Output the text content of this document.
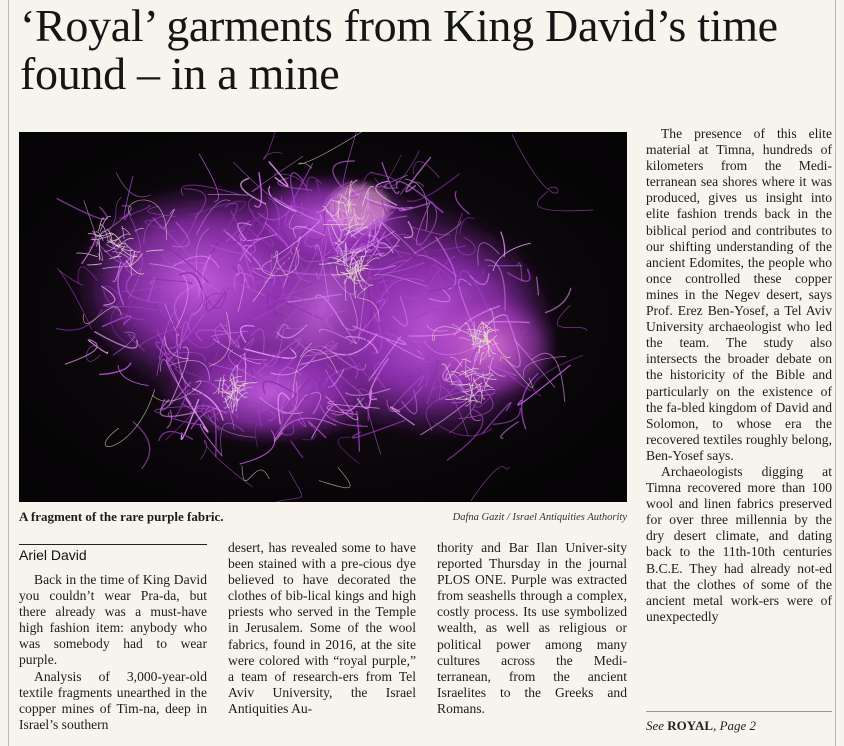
‘Royal’ garments from King David’s time found – in a mine
A fragment of the rare purple fabric.	Dafna Gazit / Israel Antiquities Authority
Ariel David

Back in the time of King David you couldn’t wear Pra-da, but there already was a must-have high fashion item: anybody who was somebody had to wear purple.

Analysis of 3,000-year-old textile fragments unearthed in the copper mines of Tim-na, deep in Israel’s southern

desert, has revealed some to have been stained with a pre-cious dye believed to have decorated the clothes of bib-lical kings and high priests who served in the Temple in Jerusalem. Some of the wool fabrics, found in 2016, at the site were colored with “royal purple,” a team of research-ers from Tel Aviv University, the Israel Antiquities Au-

thority and Bar Ilan Univer-sity reported Thursday in the journal PLOS ONE. Purple was extracted from seashells through a complex, costly process. Its use symbolized wealth, as well as religious or political power among many cultures across the Medi-terranean, from the ancient Israelites to the Greeks and Romans.

The presence of this elite material at Timna, hundreds of kilometers from the Medi-terranean sea shores where it was produced, gives us insight into elite fashion trends back in the biblical period and contributes to our shifting understanding of the ancient Edomites, the people who once controlled these copper mines in the Negev desert, says Prof. Erez Ben-Yosef, a Tel Aviv University archaeologist who led the team. The study also intersects the broader debate on the historicity of the Bible and particularly on the existence of the fa-bled kingdom of David and Solomon, to whose era the recovered textiles roughly belong, Ben-Yosef says.

Archaeologists digging at Timna recovered more than 100 wool and linen fabrics preserved for over three millennia by the dry desert climate, and dating back to the 11th-10th centuries B.C.E. They had already not-ed that the clothes of some of the ancient metal work-ers were of unexpectedly

See ROYAL, Page 2
